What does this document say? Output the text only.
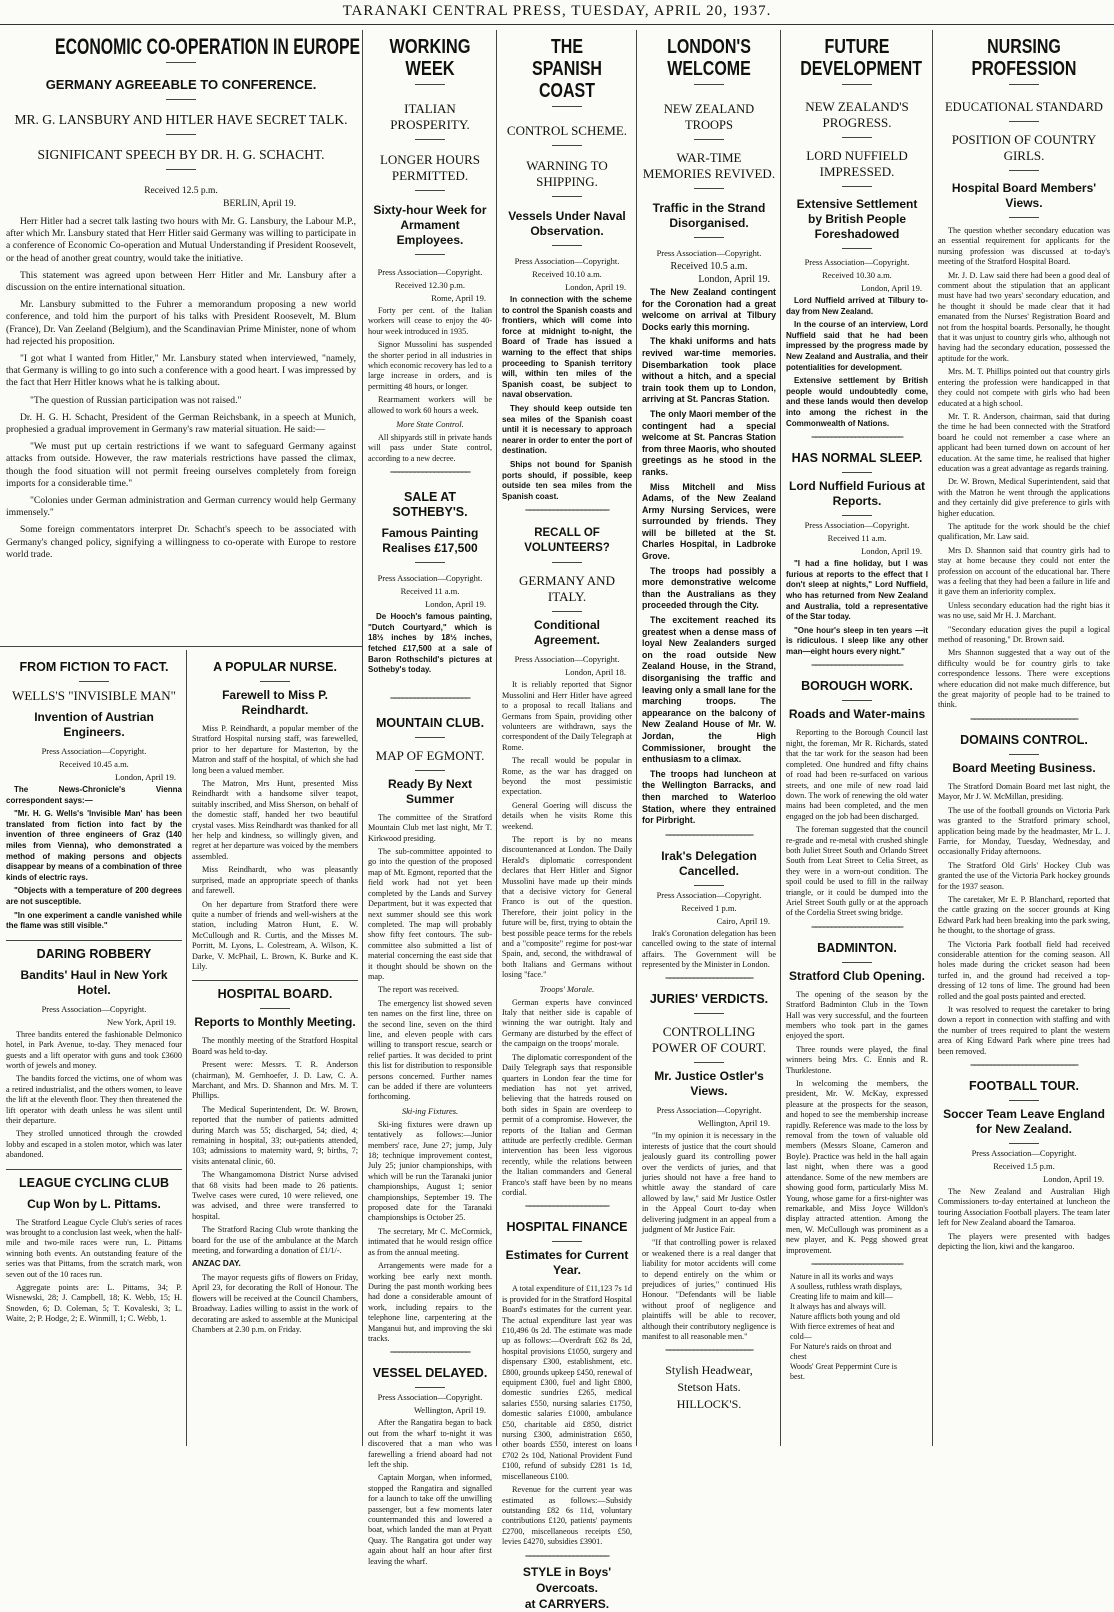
TARANAKI CENTRAL PRESS, TUESDAY, APRIL 20, 1937.
ECONOMIC CO-OPERATION IN EUROPE
GERMANY AGREEABLE TO CONFERENCE.
MR. G. LANSBURY AND HITLER HAVE SECRET TALK.
SIGNIFICANT SPEECH BY DR. H. G. SCHACHT.
Received 12.5 p.m.
BERLIN, April 19.

Herr Hitler had a secret talk lasting two hours with Mr. G. Lansbury, the Labour M.P., after which Mr. Lansbury stated that Herr Hitler said Germany was willing to participate in a conference of Economic Co-operation and Mutual Understanding if President Roosevelt, or the head of another great country, would take the initiative.

This statement was agreed upon between Herr Hitler and Mr. Lansbury after a discussion on the entire international situation.

Mr. Lansbury submitted to the Fuhrer a memorandum proposing a new world conference, and told him the purport of his talks with President Roosevelt, M. Blum (France), Dr. Van Zeeland (Belgium), and the Scandinavian Prime Minister, none of whom had rejected his proposition.

"I got what I wanted from Hitler," Mr. Lansbury stated when interviewed, "namely, that Germany is willing to go into such a conference with a good heart. I was impressed by the fact that Herr Hitler knows what he is talking about.

"The question of Russian participation was not raised."

Dr. H. G. H. Schacht, President of the German Reichsbank, in a speech at Munich, prophesied a gradual improvement in Germany's raw material situation. He said:—

"We must put up certain restrictions if we want to safeguard Germany against attacks from outside. However, the raw materials restrictions have passed the climax, though the food situation will not permit freeing ourselves completely from foreign imports for a considerable time."

"Colonies under German administration and German currency would help Germany immensely."

Some foreign commentators interpret Dr. Schacht's speech to be associated with Germany's changed policy, signifying a willingness to co-operate with Europe to restore world trade.

FROM FICTION TO FACT.
WELLS'S "INVISIBLE MAN"
Invention of Austrian Engineers.
Press Association—Copyright.
Received 10.45 a.m.
London, April 19.

The News-Chronicle's Vienna correspondent says:—

"Mr. H. G. Wells's 'Invisible Man' has been translated from fiction into fact by the invention of three engineers of Graz (140 miles from Vienna), who demonstrated a method of making persons and objects disappear by means of a combination of three kinds of electric rays.

"Objects with a temperature of 200 degrees are not susceptible.

"In one experiment a candle vanished while the flame was still visible."

DARING ROBBERY
Bandits' Haul in New York Hotel.
Press Association—Copyright.
New York, April 19.

Three bandits entered the fashionable Delmonico hotel, in Park Avenue, to-day. They menaced four guests and a lift operator with guns and took £3600 worth of jewels and money.

The bandits forced the victims, one of whom was a retired industrialist, and the others women, to leave the lift at the eleventh floor. They then threatened the lift operator with death unless he was silent until their departure.

They strolled unnoticed through the crowded lobby and escaped in a stolen motor, which was later abandoned.

LEAGUE CYCLING CLUB
Cup Won by L. Pittams.

The Stratford League Cycle Club's series of races was brought to a conclusion last week, when the half-mile and two-mile races were run, L. Pittams winning both events. An outstanding feature of the series was that Pittams, from the scratch mark, won seven out of the 10 races run.

Aggregate points are: L. Pittams, 34; P. Wisnewski, 28; J. Campbell, 18; K. Webb, 15; H. Snowden, 6; D. Coleman, 5; T. Kovaleski, 3; L. Waite, 2; P. Hodge, 2; E. Winmill, 1; C. Webb, 1.

A POPULAR NURSE.
Farewell to Miss P. Reindhardt.

Miss P. Reindhardt, a popular member of the Stratford Hospital nursing staff, was farewelled, prior to her departure for Masterton, by the Matron and staff of the hospital, of which she had long been a valued member.

The Matron, Mrs Hunt, presented Miss Reindhardt with a handsome silver teapot, suitably inscribed, and Miss Sherson, on behalf of the domestic staff, handed her two beautiful crystal vases. Miss Reindhardt was thanked for all her help and kindness, so willingly given, and regret at her departure was voiced by the members assembled.

Miss Reindhardt, who was pleasantly surprised, made an appropriate speech of thanks and farewell.

On her departure from Stratford there were quite a number of friends and well-wishers at the station, including Matron Hunt, E. W. McCullough and R. Curtis, and the Misses M. Porritt, M. Lyons, L. Colestream, A. Wilson, K. Darke, V. McPhail, L. Brown, K. Burke and K. Lily.

HOSPITAL BOARD.
Reports to Monthly Meeting.

The monthly meeting of the Stratford Hospital Board was held to-day.

Present were: Messrs. T. R. Anderson (chairman), M. Gernhoefer, J. D. Law, C. A. Marchant, and Mrs. D. Shannon and Mrs. M. T. Phillips.

The Medical Superintendent, Dr. W. Brown, reported that the number of patients admitted during March was 55; discharged, 54; died, 4; remaining in hospital, 33; out-patients attended, 103; admissions to maternity ward, 9; births, 7; visits antenatal clinic, 60.

The Whangamomona District Nurse advised that 68 visits had been made to 26 patients. Twelve cases were cured, 10 were relieved, one was advised, and three were transferred to hospital.

The Stratford Racing Club wrote thanking the board for the use of the ambulance at the March meeting, and forwarding a donation of £1/1/-.

ANZAC DAY.

The mayor requests gifts of flowers on Friday, April 23, for decorating the Roll of Honour. The flowers will be received at the Council Chambers, Broadway. Ladies willing to assist in the work of decorating are asked to assemble at the Municipal Chambers at 2.30 p.m. on Friday.

WORKING
WEEK
ITALIAN PROSPERITY.
LONGER HOURS PERMITTED.
Sixty-hour Week for Armament Employees.
Press Association—Copyright.
Received 12.30 p.m.
Rome, April 19.

Forty per cent. of the Italian workers will cease to enjoy the 40-hour week introduced in 1935.

Signor Mussolini has suspended the shorter period in all industries in which economic recovery has led to a large increase in orders, and is permitting 48 hours, or longer.

Rearmament workers will be allowed to work 60 hours a week.

More State Control.

All shipyards still in private hands will pass under State control, according to a new decree.

════════════════════
SALE AT SOTHEBY'S.
Famous Painting Realises £17,500
Press Association—Copyright.
Received 11 a.m.
London, April 19.

De Hooch's famous painting, "Dutch Courtyard," which is 18½ inches by 18½ inches, fetched £17,500 at a sale of Baron Rothschild's pictures at Sotheby's today.

════════════════════
MOUNTAIN CLUB.
MAP OF EGMONT.
Ready By Next Summer

The committee of the Stratford Mountain Club met last night, Mr T. Kirkwood presiding.

The sub-committee appointed to go into the question of the proposed map of Mt. Egmont, reported that the field work had not yet been completed by the Lands and Survey Department, but it was expected that next summer should see this work completed. The map will probably show fifty feet contours. The sub-committee also submitted a list of material concerning the east side that it thought should be shown on the map.

The report was received.

The emergency list showed seven ten names on the first line, three on the second line, seven on the third line, and eleven people with cars willing to transport rescue, search or relief parties. It was decided to print this list for distribution to responsible persons concerned. Further names can be added if there are volunteers forthcoming.

Ski-ing Fixtures.

Ski-ing fixtures were drawn up tentatively as follows:—Junior members' race, June 27; jump, July 18; technique improvement contest, July 25; junior championships, with which will be run the Taranaki junior championships, August 1; senior championships, September 19. The proposed date for the Taranaki championships is October 25.

The secretary, Mr C. McCormick, intimated that he would resign office as from the annual meeting.

Arrangements were made for a working bee early next month. During the past month working bees had done a considerable amount of work, including repairs to the telephone line, carpentering at the Manganui hut, and improving the ski tracks.

════════════════════
VESSEL DELAYED.
Press Association—Copyright.
Wellington, April 19.

After the Rangatira began to back out from the wharf to-night it was discovered that a man who was farewelling a friend aboard had not left the ship.

Captain Morgan, when informed, stopped the Rangatira and signalled for a launch to take off the unwilling passenger, but a few moments later countermanded this and lowered a boat, which landed the man at Pryatt Quay. The Rangatira got under way again about half an hour after first leaving the wharf.

THE SPANISH
COAST
CONTROL SCHEME.
WARNING TO SHIPPING.
Vessels Under Naval Observation.
Press Association—Copyright.
Received 10.10 a.m.
London, April 19.

In connection with the scheme to control the Spanish coasts and frontiers, which will come into force at midnight to-night, the Board of Trade has issued a warning to the effect that ships proceeding to Spanish territory will, within ten miles of the Spanish coast, be subject to naval observation.

They should keep outside ten sea miles of the Spanish coast until it is necessary to approach nearer in order to enter the port of destination.

Ships not bound for Spanish ports should, if possible, keep outside ten sea miles from the Spanish coast.

═════════════════════
RECALL OF VOLUNTEERS?
GERMANY AND ITALY.
Conditional Agreement.
Press Association—Copyright.
London, April 18.

It is reliably reported that Signor Mussolini and Herr Hitler have agreed to a proposal to recall Italians and Germans from Spain, providing other volunteers are withdrawn, says the correspondent of the Daily Telegraph at Rome.

The recall would be popular in Rome, as the war has dragged on beyond the most pessimistic expectation.

General Goering will discuss the details when he visits Rome this weekend.

The report is by no means discountenanced at London. The Daily Herald's diplomatic correspondent declares that Herr Hitler and Signor Mussolini have made up their minds that a decisive victory for General Franco is out of the question. Therefore, their joint policy in the future will be, first, trying to obtain the best possible peace terms for the rebels and a "composite" regime for post-war Spain, and, second, the withdrawal of both Italians and Germans without losing "face."

Troops' Morale.

German experts have convinced Italy that neither side is capable of winning the war outright. Italy and Germany are disturbed by the effect of the campaign on the troops' morale.

The diplomatic correspondent of the Daily Telegraph says that responsible quarters in London fear the time for mediation has not yet arrived, believing that the hatreds roused on both sides in Spain are overdeep to permit of a compromise. However, the reports of the Italian and German attitude are perfectly credible. German intervention has been less vigorous recently, while the relations between the Italian commanders and General Franco's staff have been by no means cordial.

═════════════════════
HOSPITAL FINANCE
Estimates for Current Year.

A total expenditure of £11,123 7s 1d is provided for in the Stratford Hospital Board's estimates for the current year. The actual expenditure last year was £10,496 0s 2d. The estimate was made up as follows:—Overdraft £62 8s 2d, hospital provisions £1050, surgery and dispensary £300, establishment, etc. £800, grounds upkeep £450, renewal of equipment £300, fuel and light £800, domestic sundries £265, medical salaries £550, nursing salaries £1750, domestic salaries £1000, ambulance £50, charitable aid £850, district nursing £300, administration £650, other boards £550, interest on loans £702 2s 10d, National Provident Fund £100, refund of subsidy £281 1s 1d, miscellaneous £100.

Revenue for the current year was estimated as follows:—Subsidy outstanding £82 6s 11d, voluntary contributions £120, patients' payments £2700, miscellaneous receipts £50, levies £4270, subsidies £3901.

═════════════════════
STYLE in Boys' Overcoats.
at CARRYERS.
LONDON'S
WELCOME
NEW ZEALAND TROOPS
WAR-TIME MEMORIES REVIVED.
Traffic in the Strand Disorganised.
Press Association—Copyright.
Received 10.5 a.m.
London, April 19.

The New Zealand contingent for the Coronation had a great welcome on arrival at Tilbury Docks early this morning.

The khaki uniforms and hats revived war-time memories. Disembarkation took place without a hitch, and a special train took them up to London, arriving at St. Pancras Station.

The only Maori member of the contingent had a special welcome at St. Pancras Station from three Maoris, who shouted greetings as he stood in the ranks.

Miss Mitchell and Miss Adams, of the New Zealand Army Nursing Services, were surrounded by friends. They will be billeted at the St. Charles Hospital, in Ladbroke Grove.

The troops had possibly a more demonstrative welcome than the Australians as they proceeded through the City.

The excitement reached its greatest when a dense mass of loyal New Zealanders surged on the road outside New Zealand House, in the Strand, disorganising the traffic and leaving only a small lane for the marching troops. The appearance on the balcony of New Zealand House of Mr. W. Jordan, the High Commissioner, brought the enthusiasm to a climax.

The troops had luncheon at the Wellington Barracks, and then marched to Waterloo Station, where they entrained for Pirbright.

══════════════════════
Irak's Delegation Cancelled.
Press Association—Copyright.
Received 1 p.m.
Cairo, April 19.

Irak's Coronation delegation has been cancelled owing to the state of internal affairs. The Government will be represented by the Minister in London.

══════════════════════
JURIES' VERDICTS.
CONTROLLING POWER OF COURT.
Mr. Justice Ostler's Views.
Press Association—Copyright.
Wellington, April 19.

"In my opinion it is necessary in the interests of justice that the court should jealously guard its controlling power over the verdicts of juries, and that juries should not have a free hand to whittle away the standard of care allowed by law," said Mr Justice Ostler in the Appeal Court to-day when delivering judgment in an appeal from a judgment of Mr Justice Fair.

"If that controlling power is relaxed or weakened there is a real danger that liability for motor accidents will come to depend entirely on the whim or prejudices of juries," continued His Honour. "Defendants will be liable without proof of negligence and plaintiffs will be able to recover, although their contributory negligence is manifest to all reasonable men."

══════════════════════
Stylish Headwear,
Stetson Hats.
HILLOCK'S.
FUTURE
DEVELOPMENT
NEW ZEALAND'S PROGRESS.
LORD NUFFIELD IMPRESSED.
Extensive Settlement by British People Foreshadowed
Press Association—Copyright.
Received 10.30 a.m.
London, April 19.

Lord Nuffield arrived at Tilbury to-day from New Zealand.

In the course of an interview, Lord Nuffield said that he had been impressed by the progress made by New Zealand and Australia, and their potentialities for development.

Extensive settlement by British people would undoubtedly come, and these lands would then develop into among the richest in the Commonwealth of Nations.

═══════════════════════
HAS NORMAL SLEEP.
Lord Nuffield Furious at Reports.
Press Association—Copyright.
Received 11 a.m.
London, April 19.

"I had a fine holiday, but I was furious at reports to the effect that I don't sleep at nights," Lord Nuffield, who has returned from New Zealand and Australia, told a representative of the Star today.

"One hour's sleep in ten years —it is ridiculous. I sleep like any other man—eight hours every night."

═══════════════════════
BOROUGH WORK.
Roads and Water-mains

Reporting to the Borough Council last night, the foreman, Mr R. Richards, stated that the tar work for the season had been completed. One hundred and fifty chains of road had been re-surfaced on various streets, and one mile of new road laid down. The work of renewing the old water mains had been completed, and the men engaged on the job had been discharged.

The foreman suggested that the council re-grade and re-metal with crushed shingle both Juliet Street South and Orlando Street South from Leat Street to Celia Street, as they were in a worn-out condition. The spoil could be used to fill in the railway triangle, or it could be dumped into the Ariel Street South gully or at the approach of the Cordelia Street swing bridge.

═══════════════════════
BADMINTON.
Stratford Club Opening.

The opening of the season by the Stratford Badminton Club in the Town Hall was very successful, and the fourteen members who took part in the games enjoyed the sport.

Three rounds were played, the final winners being Mrs. C. Ennis and R. Thurklestone.

In welcoming the members, the president, Mr. W. McKay, expressed pleasure at the prospects for the season, and hoped to see the membership increase rapidly. Reference was made to the loss by removal from the town of valuable old members (Messrs Sloane, Cameron and Boyle). Practice was held in the hall again last night, when there was a good attendance. Some of the new members are showing good form, particularly Miss M. Young, whose game for a first-nighter was remarkable, and Miss Joyce Willdon's display attracted attention. Among the men, W. McCullough was prominent as a new player, and K. Pegg showed great improvement.

═══════════════════════
Nature in all its works and ways
A soulless, ruthless wrath displays,
Creating life to maim and kill—
It always has and always will.
Nature afflicts both young and old
With fierce extremes of heat and
cold—
For Nature's raids on throat and
chest
Woods' Great Peppermint Cure is
best.
NURSING
PROFESSION
EDUCATIONAL STANDARD
POSITION OF COUNTRY GIRLS.
Hospital Board Members' Views.

The question whether secondary education was an essential requirement for applicants for the nursing profession was discussed at to-day's meeting of the Stratford Hospital Board.

Mr. J. D. Law said there had been a good deal of comment about the stipulation that an applicant must have had two years' secondary education, and he thought it should be made clear that it had emanated from the Nurses' Registration Board and not from the hospital boards. Personally, he thought that it was unjust to country girls who, although not having had the secondary education, possessed the aptitude for the work.

Mrs. M. T. Phillips pointed out that country girls entering the profession were handicapped in that they could not compete with girls who had been educated at a high school.

Mr. T. R. Anderson, chairman, said that during the time he had been connected with the Stratford board he could not remember a case where an applicant had been turned down on account of her education. At the same time, he realised that higher education was a great advantage as regards training.

Dr. W. Brown, Medical Superintendent, said that with the Matron he went through the applications and they certainly did give preference to girls with higher education.

The aptitude for the work should be the chief qualification, Mr. Law said.

Mrs D. Shannon said that country girls had to stay at home because they could not enter the profession on account of the educational bar. There was a feeling that they had been a failure in life and it gave them an inferiority complex.

Unless secondary education had the right bias it was no use, said Mr H. J. Marchant.

"Secondary education gives the pupil a logical method of reasoning," Dr. Brown said.

Mrs Shannon suggested that a way out of the difficulty would be for country girls to take correspondence lessons. There were exceptions where education did not make much difference, but the great majority of people had to be trained to think.

═══════════════════════════
DOMAINS CONTROL.
Board Meeting Business.

The Stratford Domain Board met last night, the Mayor, Mr J. W. McMillan, presiding.

The use of the football grounds on Victoria Park was granted to the Stratford primary school, application being made by the headmaster, Mr L. J. Farrie, for Monday, Tuesday, Wednesday, and occasionally Friday afternoons.

The Stratford Old Girls' Hockey Club was granted the use of the Victoria Park hockey grounds for the 1937 season.

The caretaker, Mr E. P. Blanchard, reported that the cattle grazing on the soccer grounds at King Edward Park had been breaking into the park swing, he thought, to the shortage of grass.

The Victoria Park football field had received considerable attention for the coming season. All holes made during the cricket season had been turfed in, and the ground had received a top-dressing of 12 tons of lime. The ground had been rolled and the goal posts painted and erected.

It was resolved to request the caretaker to bring down a report in connection with staffing and with the number of trees required to plant the western area of King Edward Park where pine trees had been removed.

═══════════════════════════
FOOTBALL TOUR.
Soccer Team Leave England for New Zealand.
Press Association—Copyright.
Received 1.5 p.m.
London, April 19.

The New Zealand and Australian High Commissioners to-day entertained at luncheon the touring Association Football players. The team later left for New Zealand aboard the Tamaroa.

The players were presented with badges depicting the lion, kiwi and the kangaroo.
